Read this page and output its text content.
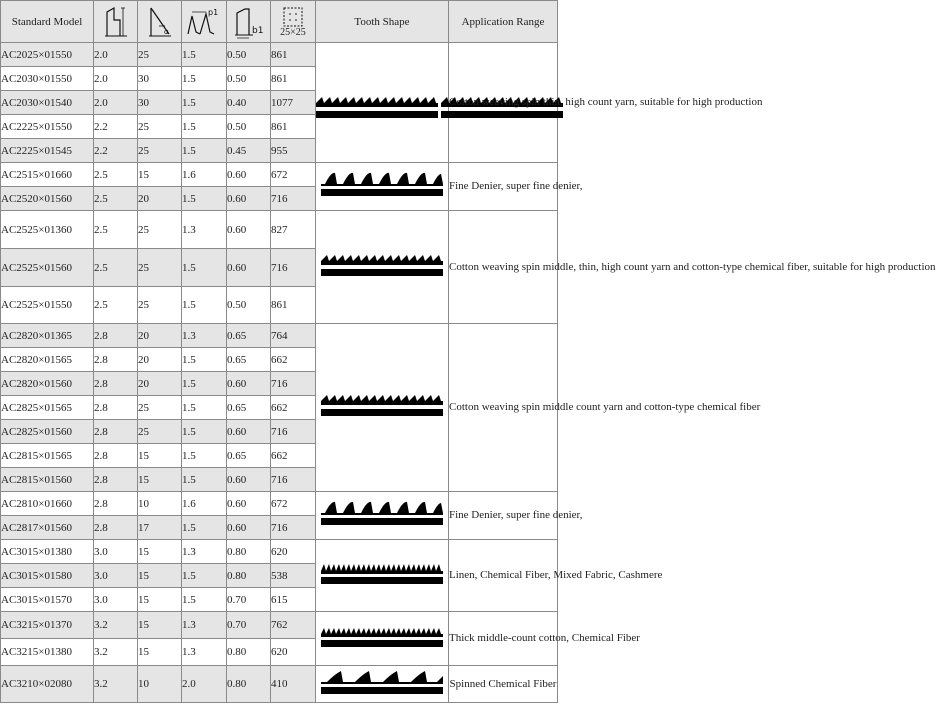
Standard Model		α	p1	b1	25×25	Tooth Shape	Application Range
AC2025×01550	2.0	25	1.5	0.50	861		Cotton weaving spin thin, high count yarn, suitable for high production
AC2030×01550	2.0	30	1.5	0.50	861		
AC2030×01540	2.0	30	1.5	0.40	1077		
AC2225×01550	2.2	25	1.5	0.50	861		
AC2225×01545	2.2	25	1.5	0.45	955		
AC2515×01660	2.5	15	1.6	0.60	672		Fine Denier, super fine denier,
AC2520×01560	2.5	20	1.5	0.60	716		
AC2525×01360	2.5	25	1.3	0.60	827		Cotton weaving spin middle, thin, high count yarn and cotton-type chemical fiber, suitable for high production
AC2525×01560	2.5	25	1.5	0.60	716		
AC2525×01550	2.5	25	1.5	0.50	861		
AC2820×01365	2.8	20	1.3	0.65	764		Cotton weaving spin middle count yarn and cotton-type chemical fiber
AC2820×01565	2.8	20	1.5	0.65	662		
AC2820×01560	2.8	20	1.5	0.60	716		
AC2825×01565	2.8	25	1.5	0.65	662		
AC2825×01560	2.8	25	1.5	0.60	716		
AC2815×01565	2.8	15	1.5	0.65	662		
AC2815×01560	2.8	15	1.5	0.60	716		
AC2810×01660	2.8	10	1.6	0.60	672		Fine Denier, super fine denier,
AC2817×01560	2.8	17	1.5	0.60	716		
AC3015×01380	3.0	15	1.3	0.80	620		Linen, Chemical Fiber, Mixed Fabric, Cashmere
AC3015×01580	3.0	15	1.5	0.80	538		
AC3015×01570	3.0	15	1.5	0.70	615		
AC3215×01370	3.2	15	1.3	0.70	762		Thick middle-count cotton, Chemical Fiber
AC3215×01380	3.2	15	1.3	0.80	620		
AC3210×02080	3.2	10	2.0	0.80	410		Spinned Chemical Fiber
